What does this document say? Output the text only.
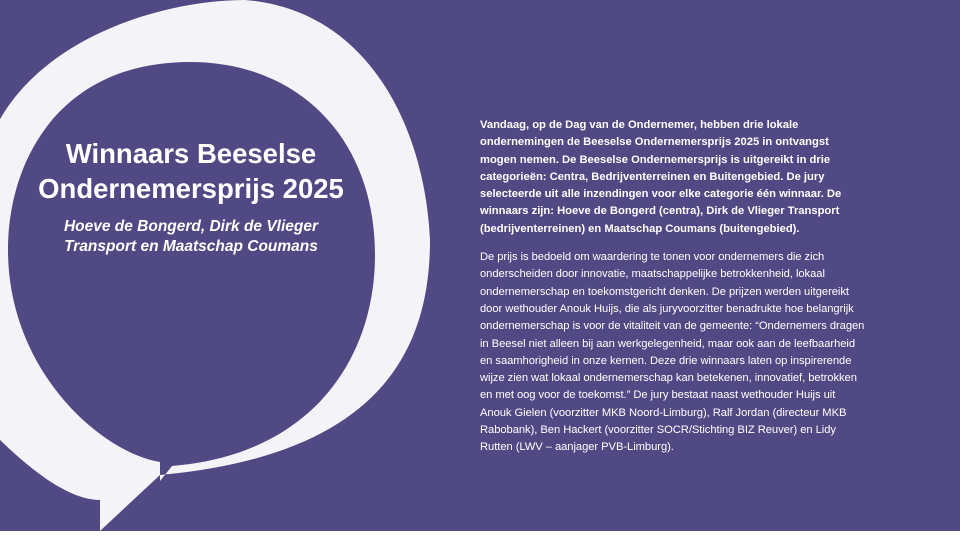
Winnaars Beeselse Ondernemersprijs 2025

Hoeve de Bongerd, Dirk de Vlieger Transport en Maatschap Coumans

Vandaag, op de Dag van de Ondernemer, hebben drie lokale ondernemingen de Beeselse Ondernemersprijs 2025 in ontvangst mogen nemen. De Beeselse Ondernemersprijs is uitgereikt in drie categorieën: Centra, Bedrijventerreinen en Buitengebied. De jury selecteerde uit alle inzendingen voor elke categorie één winnaar. De winnaars zijn: Hoeve de Bongerd (centra), Dirk de Vlieger Transport (bedrijventerreinen) en Maatschap Coumans (buitengebied).

De prijs is bedoeld om waardering te tonen voor ondernemers die zich onderscheiden door innovatie, maatschappelijke betrokkenheid, lokaal ondernemerschap en toekomstgericht denken. De prijzen werden uitgereikt door wethouder Anouk Huijs, die als juryvoorzitter benadrukte hoe belangrijk ondernemerschap is voor de vitaliteit van de gemeente: “Ondernemers dragen in Beesel niet alleen bij aan werkgelegenheid, maar ook aan de leefbaarheid en saamhorigheid in onze kernen. Deze drie winnaars laten op inspirerende wijze zien wat lokaal ondernemerschap kan betekenen, innovatief, betrokken en met oog voor de toekomst.” De jury bestaat naast wethouder Huijs uit Anouk Gielen (voorzitter MKB Noord-Limburg), Ralf Jordan (directeur MKB Rabobank), Ben Hackert (voorzitter SOCR/Stichting BIZ Reuver) en Lidy Rutten (LWV – aanjager PVB-Limburg).
